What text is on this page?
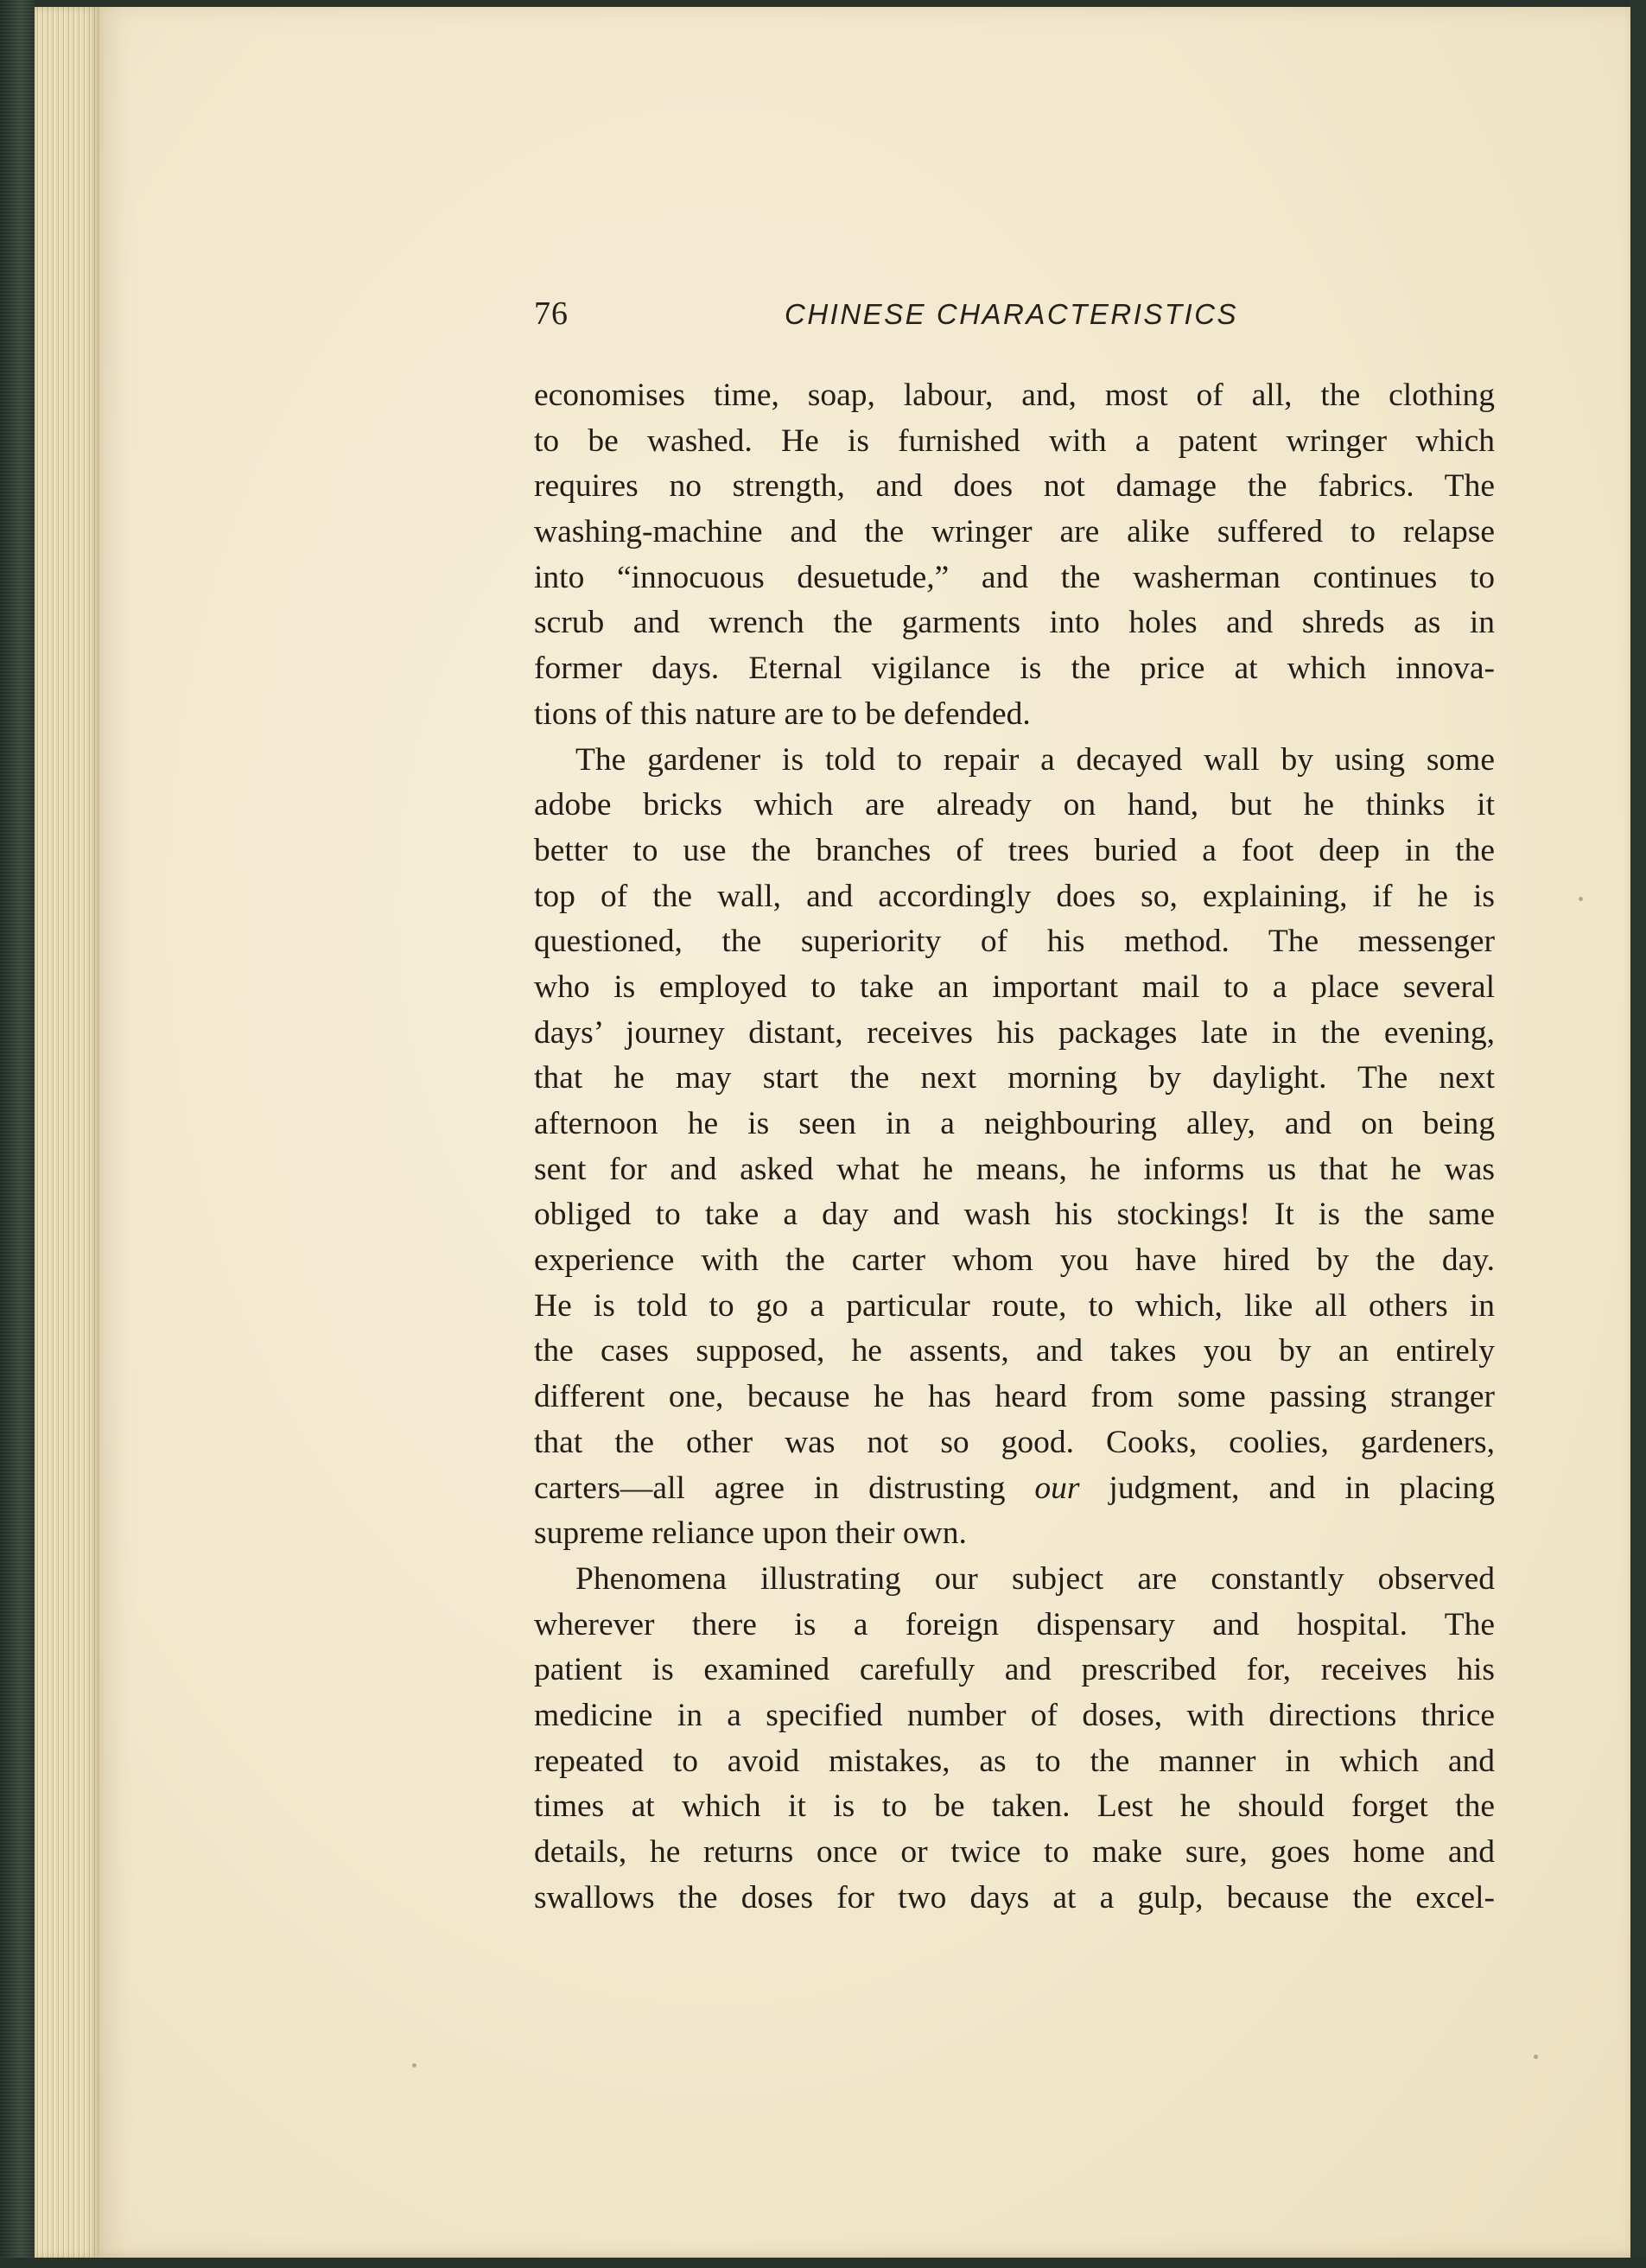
76	CHINESE CHARACTERISTICS
economises time, soap, labour, and, most of all, the clothing
to be washed. He is furnished with a patent wringer which
requires no strength, and does not damage the fabrics. The
washing-machine and the wringer are alike suffered to relapse
into “innocuous desuetude,” and the washerman continues to
scrub and wrench the garments into holes and shreds as in
former days. Eternal vigilance is the price at which innova-
tions of this nature are to be defended.
The gardener is told to repair a decayed wall by using some
adobe bricks which are already on hand, but he thinks it
better to use the branches of trees buried a foot deep in the
top of the wall, and accordingly does so, explaining, if he is
questioned, the superiority of his method. The messenger
who is employed to take an important mail to a place several
days’ journey distant, receives his packages late in the evening,
that he may start the next morning by daylight. The next
afternoon he is seen in a neighbouring alley, and on being
sent for and asked what he means, he informs us that he was
obliged to take a day and wash his stockings! It is the same
experience with the carter whom you have hired by the day.
He is told to go a particular route, to which, like all others in
the cases supposed, he assents, and takes you by an entirely
different one, because he has heard from some passing stranger
that the other was not so good. Cooks, coolies, gardeners,
carters—all agree in distrusting our judgment, and in placing
supreme reliance upon their own.
Phenomena illustrating our subject are constantly observed
wherever there is a foreign dispensary and hospital. The
patient is examined carefully and prescribed for, receives his
medicine in a specified number of doses, with directions thrice
repeated to avoid mistakes, as to the manner in which and
times at which it is to be taken. Lest he should forget the
details, he returns once or twice to make sure, goes home and
swallows the doses for two days at a gulp, because the excel-
